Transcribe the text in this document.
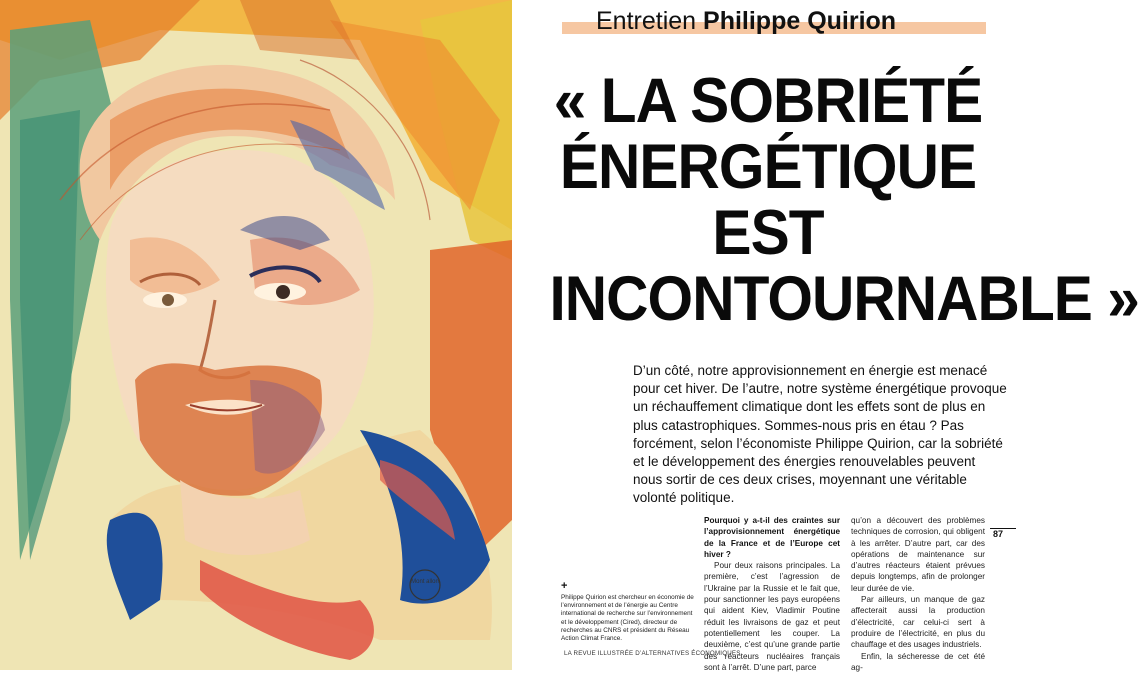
Mont allon
Entretien Philippe Quirion
« LA SOBRIÉTÉ
ÉNERGÉTIQUE
EST
INCONTOURNABLE »
D’un côté, notre approvisionnement en énergie est menacé pour cet hiver. De l’autre, notre système énergétique provoque un réchauffement climatique dont les effets sont de plus en plus catastrophiques. Sommes-nous pris en étau ? Pas forcément, selon l’économiste Philippe Quirion, car la sobriété et le développement des énergies renouvelables peuvent nous sortir de ces deux crises, moyennant une véritable volonté politique.
+
Philippe Quirion est chercheur en économie de l’environnement et de l’énergie au Centre international de recherche sur l’environnement et le développement (Cired), directeur de recherches au CNRS et président du Réseau Action Climat France.
LA REVUE ILLUSTRÉE D’ALTERNATIVES ÉCONOMIQUES

Pourquoi y a-t-il des craintes sur l’approvisionnement énergétique de la France et de l’Europe cet hiver ?

Pour deux raisons principales. La première, c’est l’agression de l’Ukraine par la Russie et le fait que, pour sanctionner les pays européens qui aident Kiev, Vladimir Poutine réduit les livraisons de gaz et peut potentiellement les couper. La deuxième, c’est qu’une grande partie des réacteurs nucléaires français sont à l’arrêt. D’une part, parce

qu’on a découvert des problèmes techniques de corrosion, qui obligent à les arrêter. D’autre part, car des opérations de maintenance sur d’autres réacteurs étaient prévues depuis longtemps, afin de prolonger leur durée de vie.

Par ailleurs, un manque de gaz affecterait aussi la production d’électricité, car celui-ci sert à produire de l’électricité, en plus du chauffage et des usages industriels.

Enfin, la sécheresse de cet été ag-

87
